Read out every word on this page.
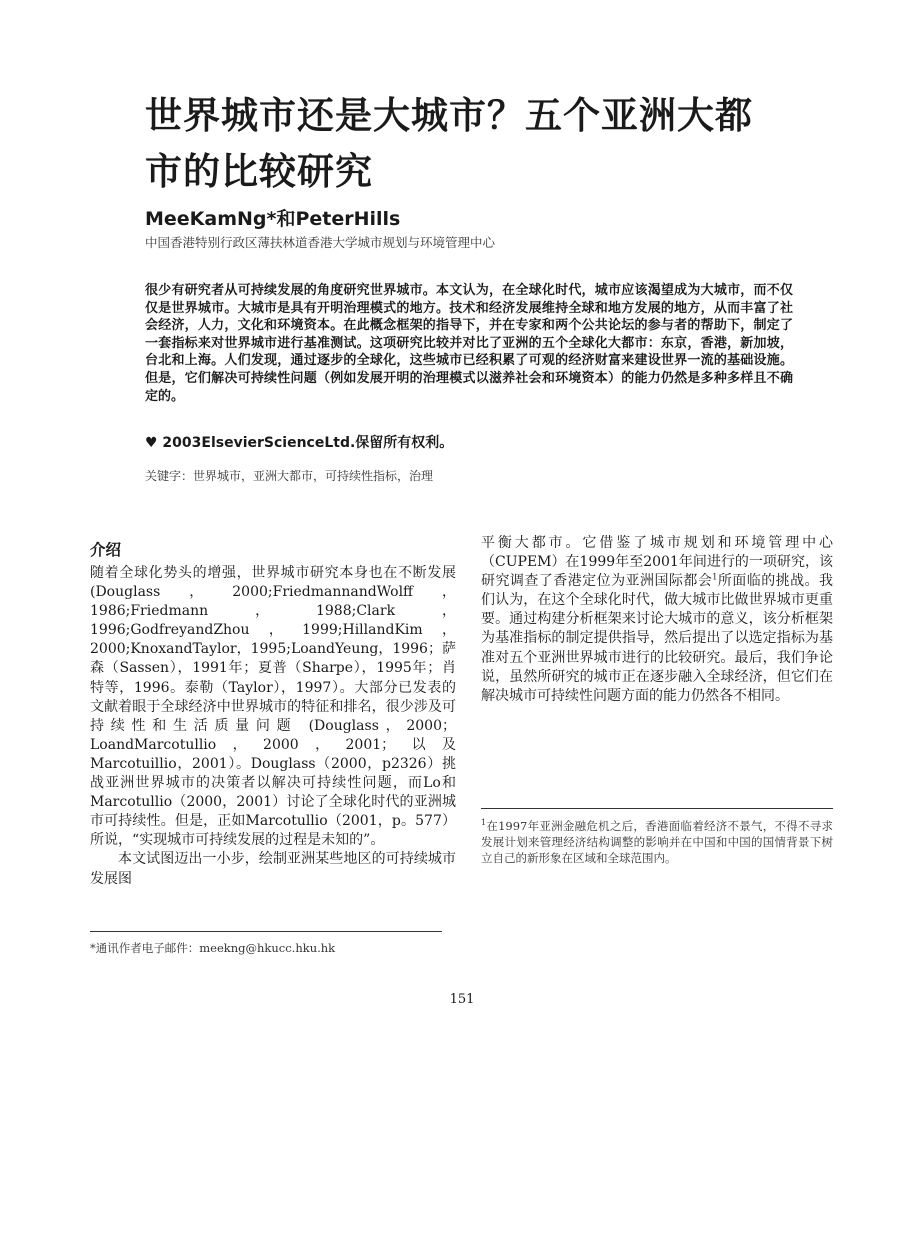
世界城市还是大城市？五个亚洲大都市的比较研究
MeeKamNg*和PeterHills
中国香港特别行政区薄扶林道香港大学城市规划与环境管理中心
很少有研究者从可持续发展的角度研究世界城市。本文认为，在全球化时代，城市应该渴望成为大城市，而不仅仅是世界城市。大城市是具有开明治理模式的地方。技术和经济发展维持全球和地方发展的地方，从而丰富了社会经济，人力，文化和环境资本。在此概念框架的指导下，并在专家和两个公共论坛的参与者的帮助下，制定了一套指标来对世界城市进行基准测试。这项研究比较并对比了亚洲的五个全球化大都市：东京，香港，新加坡，台北和上海。人们发现，通过逐步的全球化，这些城市已经积累了可观的经济财富来建设世界一流的基础设施。但是，它们解决可持续性问题（例如发展开明的治理模式以滋养社会和环境资本）的能力仍然是多种多样且不确定的。
♥ 2003ElsevierScienceLtd.保留所有权利。
关键字：世界城市，亚洲大都市，可持续性指标，治理
介绍

随着全球化势头的增强，世界城市研究本身也在不断发展 (Douglass，2000;FriedmannandWolff，1986;Friedmann，1988;Clark，1996;GodfreyandZhou，1999;HillandKim，2000;KnoxandTaylor，1995;LoandYeung，1996；萨森（Sassen），1991年；夏普（Sharpe），1995年；肖特等，1996。泰勒（Taylor），1997）。大部分已发表的文献着眼于全球经济中世界城市的特征和排名，很少涉及可持续性和生活质量问题 (Douglass，2000；LoandMarcotullio，2000，2001；以及Marcotuillio，2001）。Douglass（2000，p2326）挑战亚洲世界城市的决策者以解决可持续性问题，而Lo和Marcotullio（2000，2001）讨论了全球化时代的亚洲城市可持续性。但是，正如Marcotullio（2001，p。577）所说，“实现城市可持续发展的过程是未知的”。

本文试图迈出一小步，绘制亚洲某些地区的可持续城市发展图

平衡大都市。它借鉴了城市规划和环境管理中心（CUPEM）在1999年至2001年间进行的一项研究，该研究调查了香港定位为亚洲国际都会$^1$所面临的挑战。我们认为，在这个全球化时代，做大城市比做世界城市更重要。通过构建分析框架来讨论大城市的意义，该分析框架为基准指标的制定提供指导，然后提出了以选定指标为基准对五个亚洲世界城市进行的比较研究。最后，我们争论说，虽然所研究的城市正在逐步融入全球经济，但它们在解决城市可持续性问题方面的能力仍然各不相同。

$^1$在1997年亚洲金融危机之后，香港面临着经济不景气，不得不寻求发展计划来管理经济结构调整的影响并在中国和中国的国情背景下树立自己的新形象在区域和全球范围内。
*通讯作者电子邮件：meekng@hkucc.hku.hk
151
